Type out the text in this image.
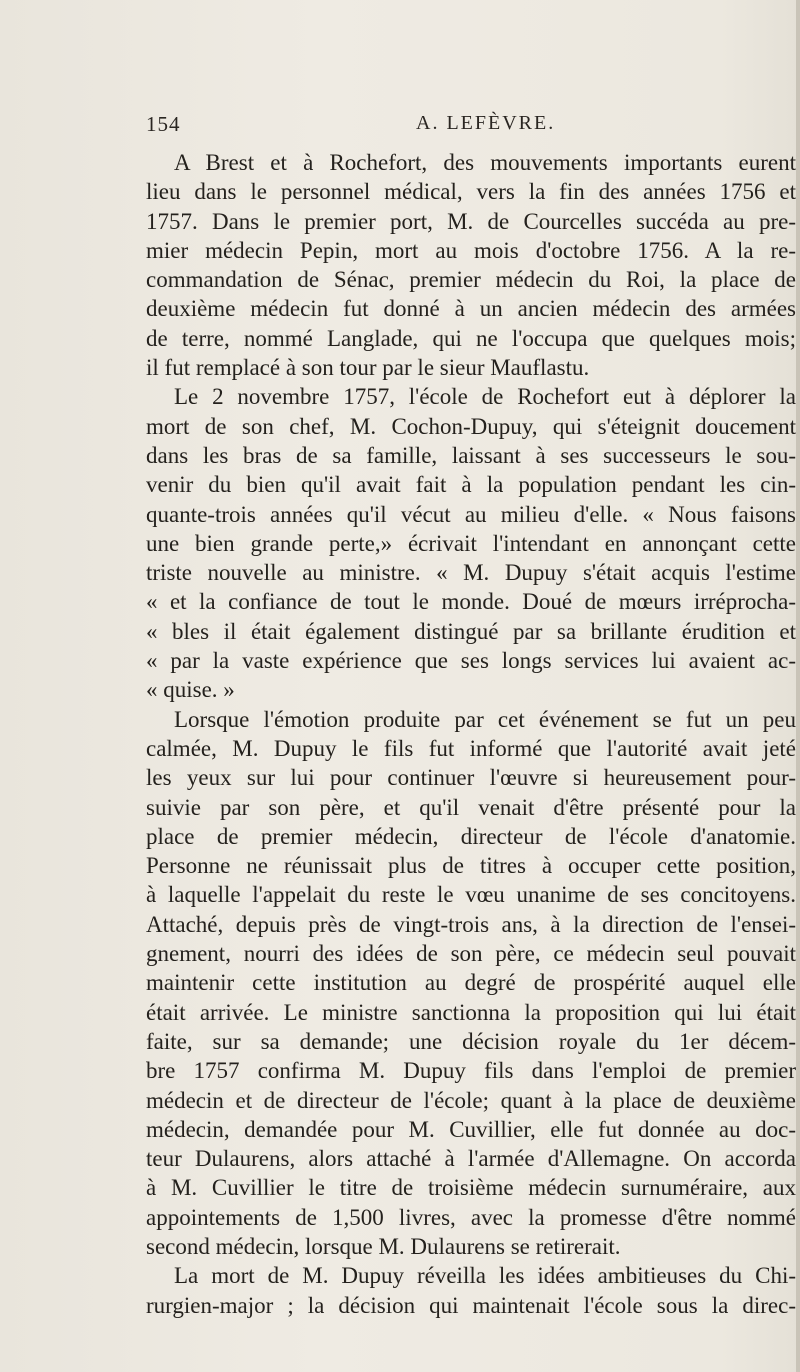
154	A. LEFÈVRE.
A Brest et à Rochefort, des mouvements importants eurent
lieu dans le personnel médical, vers la fin des années 1756 et
1757. Dans le premier port, M. de Courcelles succéda au pre-
mier médecin Pepin, mort au mois d'octobre 1756. A la re-
commandation de Sénac, premier médecin du Roi, la place de
deuxième médecin fut donné à un ancien médecin des armées
de terre, nommé Langlade, qui ne l'occupa que quelques mois;
il fut remplacé à son tour par le sieur Mauflastu.
Le 2 novembre 1757, l'école de Rochefort eut à déplorer la
mort de son chef, M. Cochon-Dupuy, qui s'éteignit doucement
dans les bras de sa famille, laissant à ses successeurs le sou-
venir du bien qu'il avait fait à la population pendant les cin-
quante-trois années qu'il vécut au milieu d'elle. « Nous faisons
une bien grande perte,» écrivait l'intendant en annonçant cette
triste nouvelle au ministre. « M. Dupuy s'était acquis l'estime
« et la confiance de tout le monde. Doué de mœurs irréprocha-
« bles il était également distingué par sa brillante érudition et
« par la vaste expérience que ses longs services lui avaient ac-
« quise. »
Lorsque l'émotion produite par cet événement se fut un peu
calmée, M. Dupuy le fils fut informé que l'autorité avait jeté
les yeux sur lui pour continuer l'œuvre si heureusement pour-
suivie par son père, et qu'il venait d'être présenté pour la
place de premier médecin, directeur de l'école d'anatomie.
Personne ne réunissait plus de titres à occuper cette position,
à laquelle l'appelait du reste le vœu unanime de ses concitoyens.
Attaché, depuis près de vingt-trois ans, à la direction de l'ensei-
gnement, nourri des idées de son père, ce médecin seul pouvait
maintenir cette institution au degré de prospérité auquel elle
était arrivée. Le ministre sanctionna la proposition qui lui était
faite, sur sa demande; une décision royale du 1er décem-
bre 1757 confirma M. Dupuy fils dans l'emploi de premier
médecin et de directeur de l'école; quant à la place de deuxième
médecin, demandée pour M. Cuvillier, elle fut donnée au doc-
teur Dulaurens, alors attaché à l'armée d'Allemagne. On accorda
à M. Cuvillier le titre de troisième médecin surnuméraire, aux
appointements de 1,500 livres, avec la promesse d'être nommé
second médecin, lorsque M. Dulaurens se retirerait.
La mort de M. Dupuy réveilla les idées ambitieuses du Chi-
rurgien-major ; la décision qui maintenait l'école sous la direc-
